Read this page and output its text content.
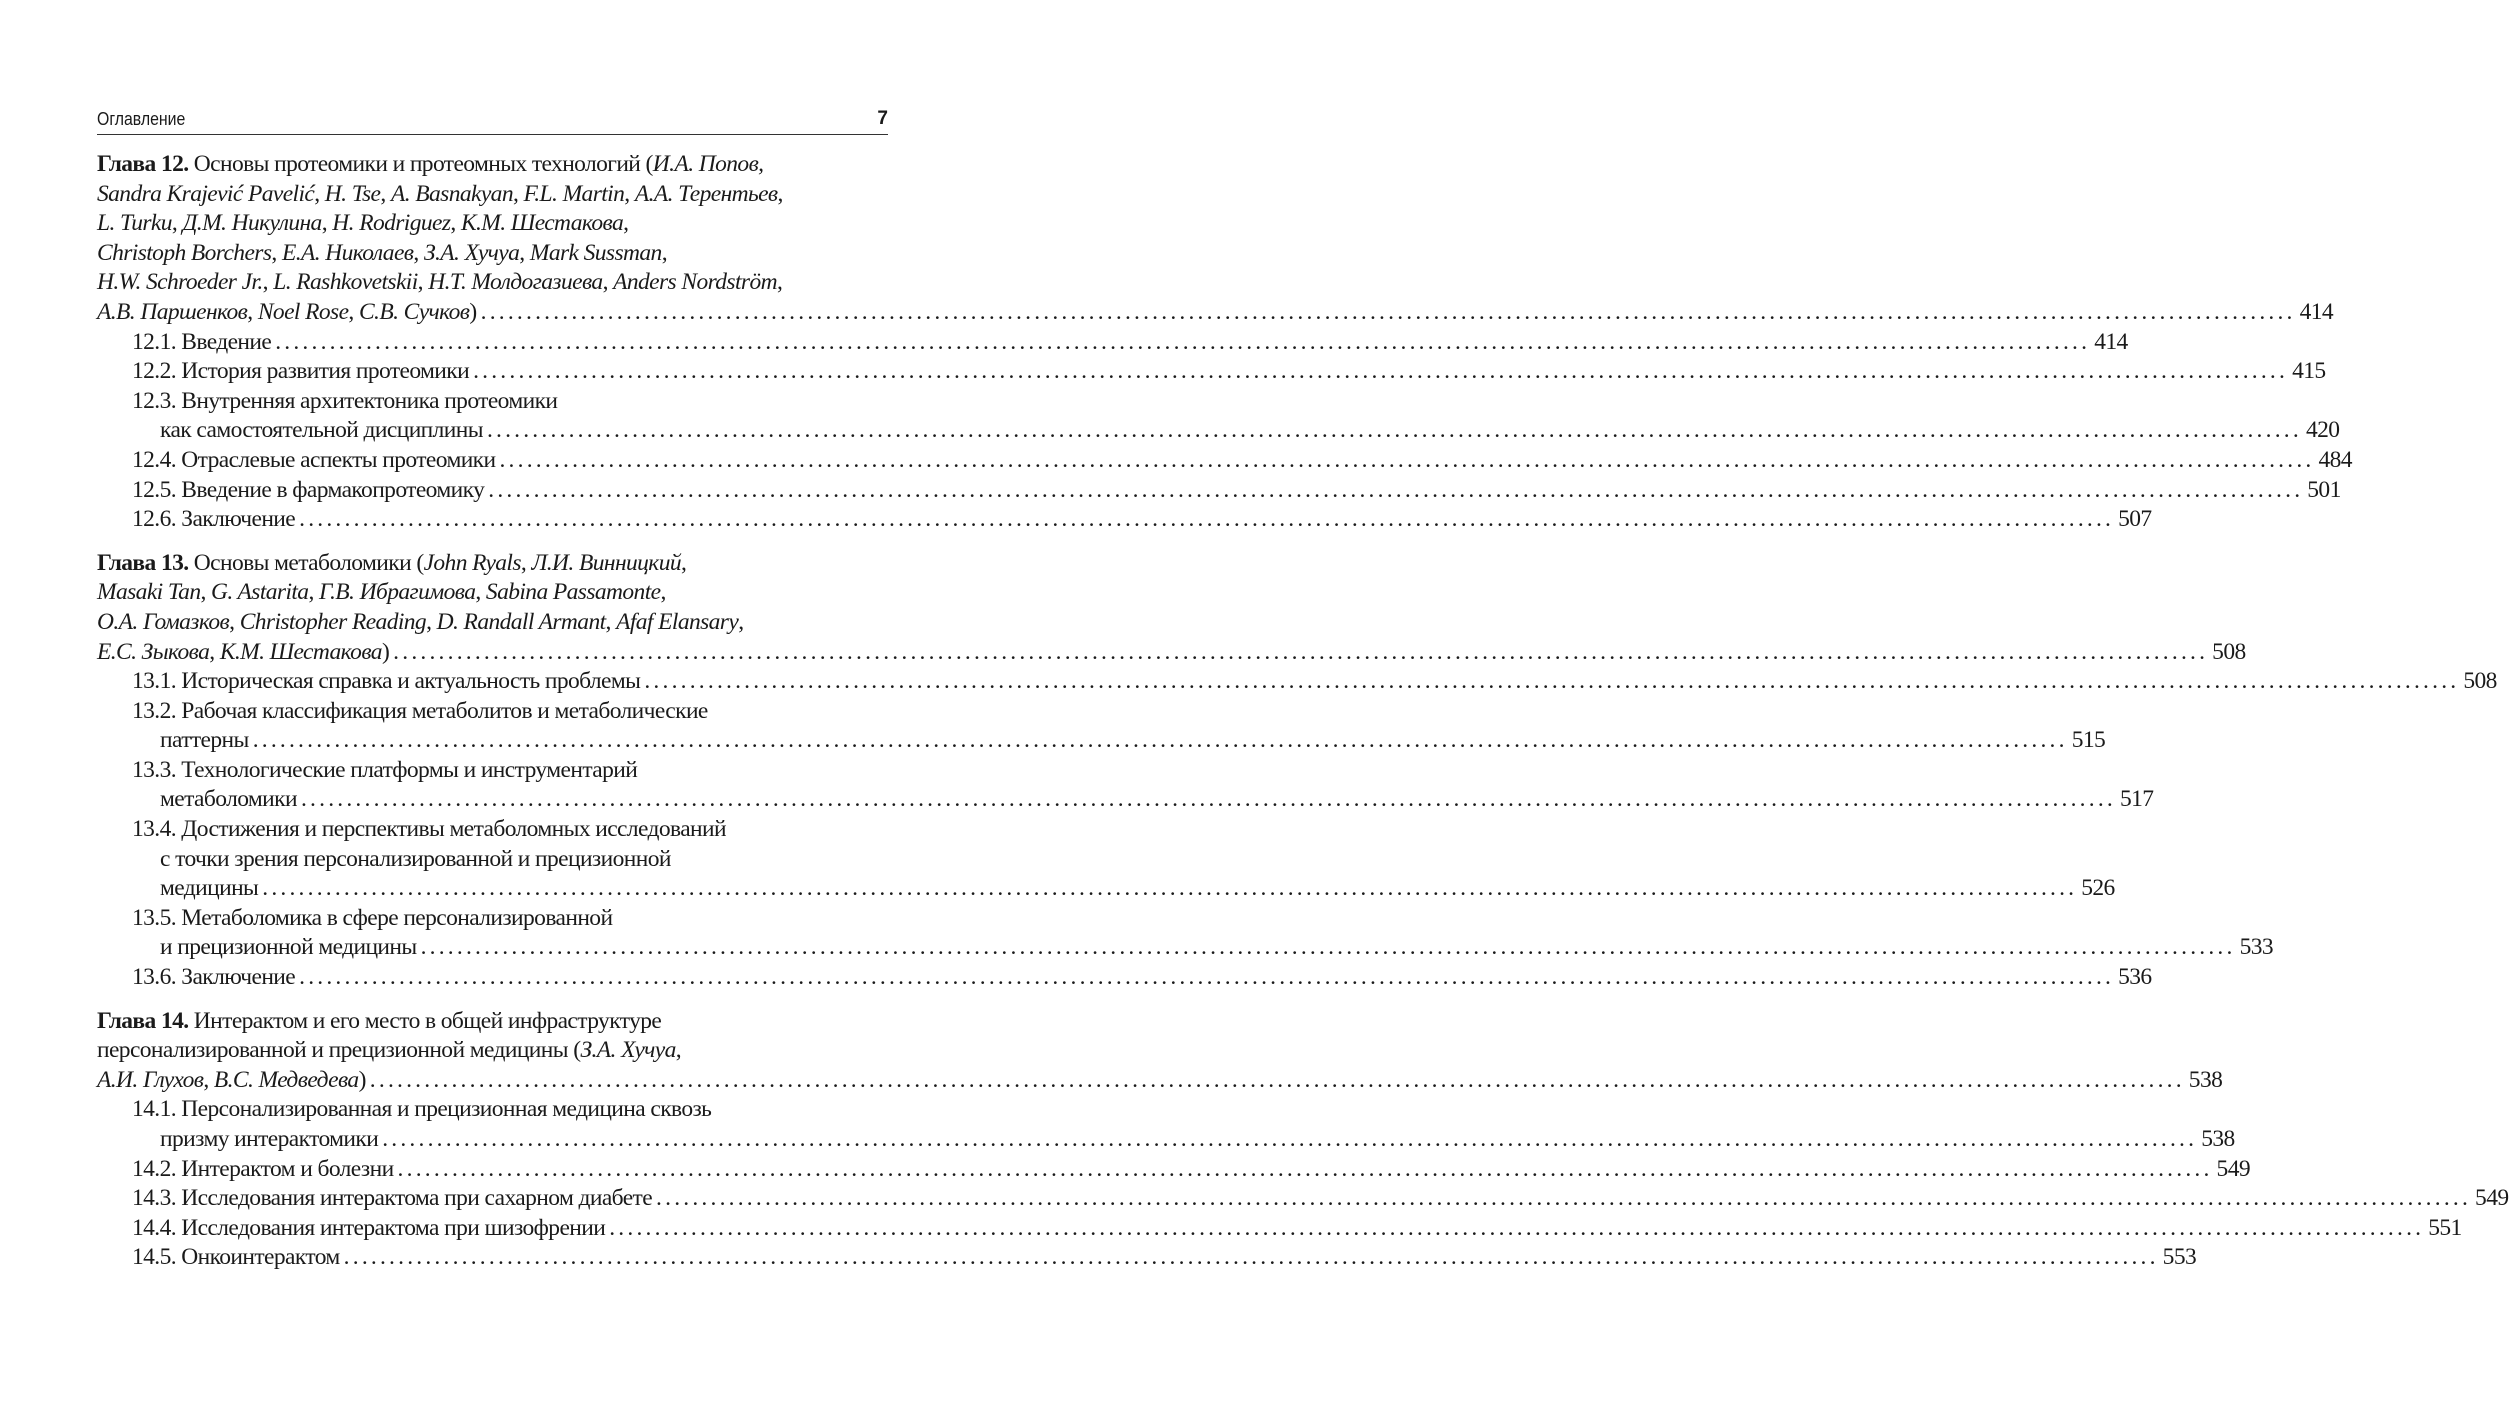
Оглавление	7
Глава 12. Основы протеомики и протеомных технологий (И.А. Попов,
Sandra Krajević Pavelić, H. Tse, A. Basnakyan, F.L. Martin, А.А. Терентьев,
L. Turku, Д.М. Никулина, H. Rodriguez, К.М. Шестакова,
Christoph Borchers, Е.А. Николаев, З.А. Хучуа, Mark Sussman,
H.W. Schroeder Jr., L. Rashkovetskii, Н.Т. Молдогазиева, Anders Nordström,
А.В. Паршенков, Noel Rose, С.В. Сучков) ........................................................................................................................................................................................................ 414
12.1. Введение ........................................................................................................................................................................................................ 414
12.2. История развития протеомики ........................................................................................................................................................................................................ 415
12.3. Внутренняя архитектоника протеомики
как самостоятельной дисциплины ........................................................................................................................................................................................................ 420
12.4. Отраслевые аспекты протеомики ........................................................................................................................................................................................................ 484
12.5. Введение в фармакопротеомику ........................................................................................................................................................................................................ 501
12.6. Заключение ........................................................................................................................................................................................................ 507
Глава 13. Основы метаболомики (John Ryals, Л.И. Винницкий,
Masaki Tan, G. Astarita, Г.В. Ибрагимова, Sabina Passamonte,
О.А. Гомазков, Christopher Reading, D. Randall Armant, Afaf Elansary,
Е.С. Зыкова, К.М. Шестакова) ........................................................................................................................................................................................................ 508
13.1. Историческая справка и актуальность проблемы ........................................................................................................................................................................................................ 508
13.2. Рабочая классификация метаболитов и метаболические
паттерны ........................................................................................................................................................................................................ 515
13.3. Технологические платформы и инструментарий
метаболомики ........................................................................................................................................................................................................ 517
13.4. Достижения и перспективы метаболомных исследований
с точки зрения персонализированной и прецизионной
медицины ........................................................................................................................................................................................................ 526
13.5. Метаболомика в сфере персонализированной
и прецизионной медицины ........................................................................................................................................................................................................ 533
13.6. Заключение ........................................................................................................................................................................................................ 536
Глава 14. Интерактом и его место в общей инфраструктуре
персонализированной и прецизионной медицины (З.А. Хучуа,
А.И. Глухов, В.С. Медведева) ........................................................................................................................................................................................................ 538
14.1. Персонализированная и прецизионная медицина сквозь
призму интерактомики ........................................................................................................................................................................................................ 538
14.2. Интерактом и болезни ........................................................................................................................................................................................................ 549
14.3. Исследования интерактома при сахарном диабете ........................................................................................................................................................................................................ 549
14.4. Исследования интерактома при шизофрении ........................................................................................................................................................................................................ 551
14.5. Онкоинтерактом ........................................................................................................................................................................................................ 553
